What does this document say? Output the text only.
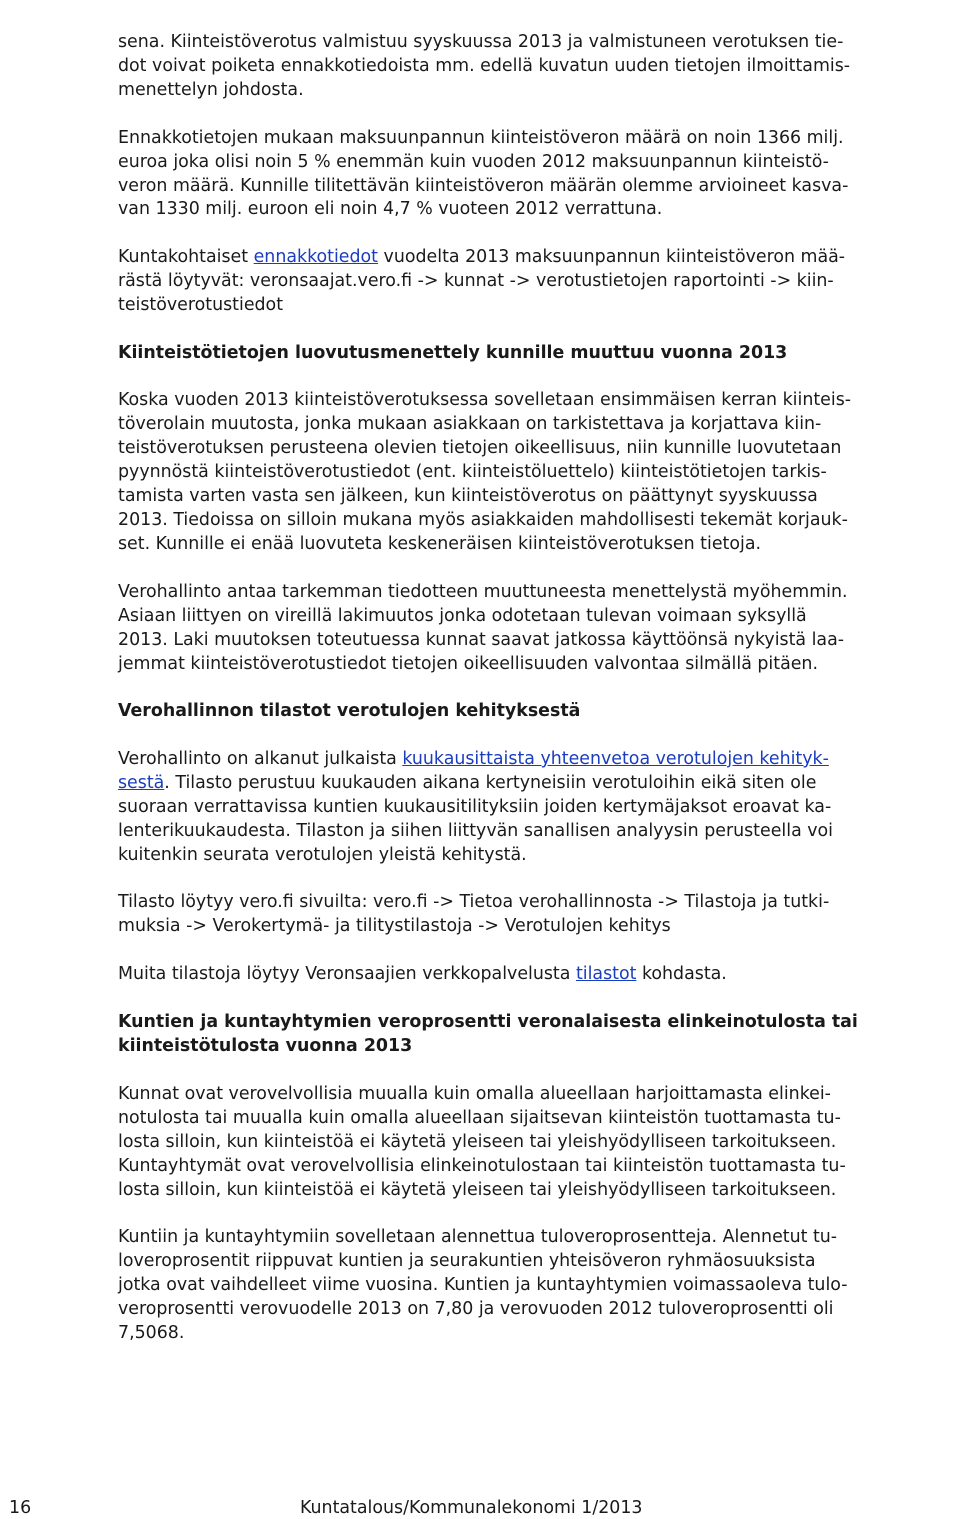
sena. Kiinteistöverotus valmistuu syyskuussa 2013 ja valmistuneen verotuksen tie-
dot voivat poiketa ennakkotiedoista mm. edellä kuvatun uuden tietojen ilmoittamis-
menettelyn johdosta.
Ennakkotietojen mukaan maksuunpannun kiinteistöveron määrä on noin 1366 milj.
euroa joka olisi noin 5 % enemmän kuin vuoden 2012 maksuunpannun kiinteistö-
veron määrä. Kunnille tilitettävän kiinteistöveron määrän olemme arvioineet kasva-
van 1330 milj. euroon eli noin 4,7 % vuoteen 2012 verrattuna.
Kuntakohtaiset ennakkotiedot vuodelta 2013 maksuunpannun kiinteistöveron mää-
rästä löytyvät: veronsaajat.vero.fi -> kunnat -> verotustietojen raportointi -> kiin-
teistöverotustiedot
Kiinteistötietojen luovutusmenettely kunnille muuttuu vuonna 2013
Koska vuoden 2013 kiinteistöverotuksessa sovelletaan ensimmäisen kerran kiinteis-
töverolain muutosta, jonka mukaan asiakkaan on tarkistettava ja korjattava kiin-
teistöverotuksen perusteena olevien tietojen oikeellisuus, niin kunnille luovutetaan
pyynnöstä kiinteistöverotustiedot (ent. kiinteistöluettelo) kiinteistötietojen tarkis-
tamista varten vasta sen jälkeen, kun kiinteistöverotus on päättynyt syyskuussa
2013. Tiedoissa on silloin mukana myös asiakkaiden mahdollisesti tekemät korjauk-
set. Kunnille ei enää luovuteta keskeneräisen kiinteistöverotuksen tietoja.
Verohallinto antaa tarkemman tiedotteen muuttuneesta menettelystä myöhemmin.
Asiaan liittyen on vireillä lakimuutos jonka odotetaan tulevan voimaan syksyllä
2013. Laki muutoksen toteutuessa kunnat saavat jatkossa käyttöönsä nykyistä laa-
jemmat kiinteistöverotustiedot tietojen oikeellisuuden valvontaa silmällä pitäen.
Verohallinnon tilastot verotulojen kehityksestä
Verohallinto on alkanut julkaista kuukausittaista yhteenvetoa verotulojen kehityk-
sestä. Tilasto perustuu kuukauden aikana kertyneisiin verotuloihin eikä siten ole
suoraan verrattavissa kuntien kuukausitilityksiin joiden kertymäjaksot eroavat ka-
lenterikuukaudesta. Tilaston ja siihen liittyvän sanallisen analyysin perusteella voi
kuitenkin seurata verotulojen yleistä kehitystä.
Tilasto löytyy vero.fi sivuilta: vero.fi -> Tietoa verohallinnosta -> Tilastoja ja tutki-
muksia -> Verokertymä- ja tilitystilastoja -> Verotulojen kehitys
Muita tilastoja löytyy Veronsaajien verkkopalvelusta tilastot kohdasta.
Kuntien ja kuntayhtymien veroprosentti veronalaisesta elinkeinotulosta tai
kiinteistötulosta vuonna 2013
Kunnat ovat verovelvollisia muualla kuin omalla alueellaan harjoittamasta elinkei-
notulosta tai muualla kuin omalla alueellaan sijaitsevan kiinteistön tuottamasta tu-
losta silloin, kun kiinteistöä ei käytetä yleiseen tai yleishyödylliseen tarkoitukseen.
Kuntayhtymät ovat verovelvollisia elinkeinotulostaan tai kiinteistön tuottamasta tu-
losta silloin, kun kiinteistöä ei käytetä yleiseen tai yleishyödylliseen tarkoitukseen.
Kuntiin ja kuntayhtymiin sovelletaan alennettua tuloveroprosentteja. Alennetut tu-
loveroprosentit riippuvat kuntien ja seurakuntien yhteisöveron ryhmäosuuksista
jotka ovat vaihdelleet viime vuosina. Kuntien ja kuntayhtymien voimassaoleva tulo-
veroprosentti verovuodelle 2013 on 7,80 ja verovuoden 2012 tuloveroprosentti oli
7,5068.
16	Kuntatalous/Kommunalekonomi 1/2013
